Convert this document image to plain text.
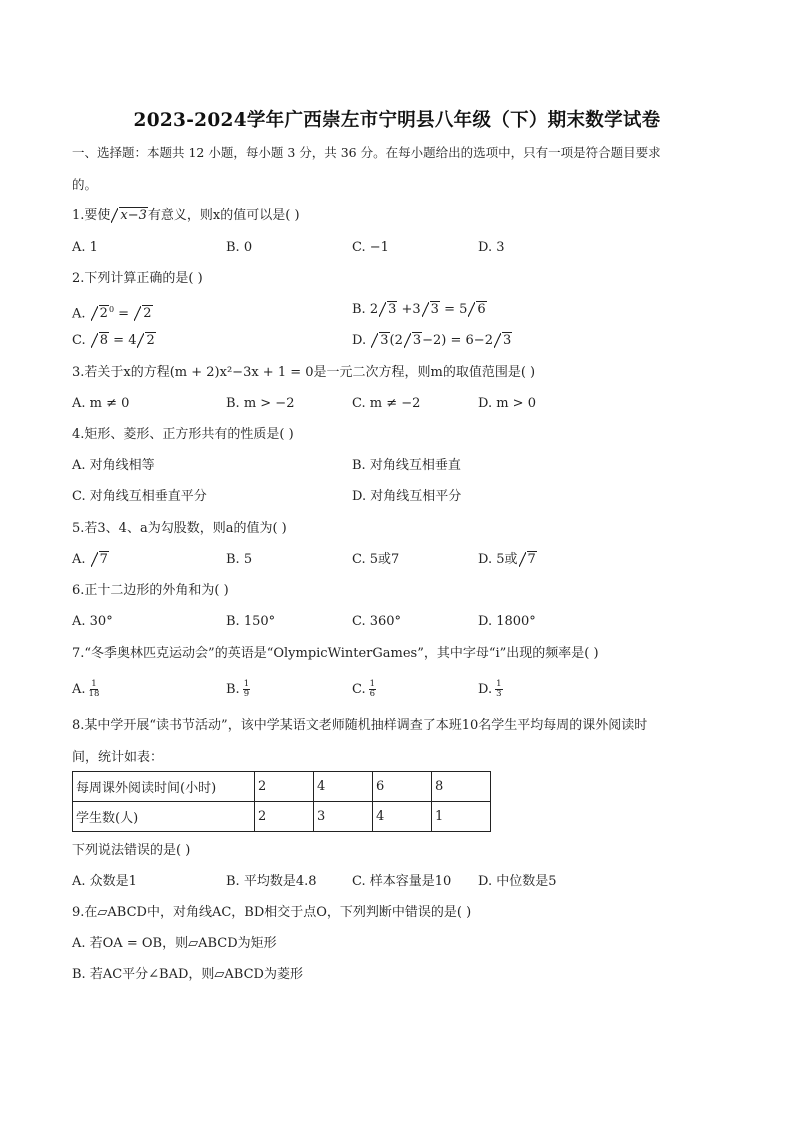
2023-2024学年广西崇左市宁明县八年级（下）期末数学试卷
一、选择题：本题共 12 小题，每小题 3 分，共 36 分。在每小题给出的选项中，只有一项是符合题目要求
的。
1.要使 x−3有意义，则x的值可以是( )
A. 1	B. 0	C. −1	D. 3
2.下列计算正确的是( )
A. $2^0 = 2$	B. 2 3 +3 3 = 5 6
C. 8 = 4 2	D. 3(2 3−2) = 6−2 3
3.若关于x的方程(m + 2)x²−3x + 1 = 0是一元二次方程，则m的取值范围是( )
A. m ≠ 0	B. m > −2	C. m ≠ −2	D. m > 0
4.矩形、菱形、正方形共有的性质是( )
A. 对角线相等	B. 对角线互相垂直
C. 对角线互相垂直平分	D. 对角线互相平分
5.若3、4、a为勾股数，则a的值为( )
A. 7	B. 5	C. 5或7	D. 5或 7
6.正十二边形的外角和为( )
A. 30°	B. 150°	C. 360°	D. 1800°
7.“冬季奥林匹克运动会”的英语是“OlympicWinterGames”，其中字母“i”出现的频率是( )
A. $\frac{1}{18}$	B. $\frac{1}{9}$	C. $\frac{1}{6}$	D. $\frac{1}{3}$
8.某中学开展“读书节活动”，该中学某语文老师随机抽样调查了本班10名学生平均每周的课外阅读时
间，统计如表：
每周课外阅读时间(小时)	2	4	6	8
学生数(人)	2	3	4	1
下列说法错误的是( )
A. 众数是1	B. 平均数是4.8	C. 样本容量是10 D. 中位数是5
9.在▱ABCD中，对角线AC，BD相交于点O，下列判断中错误的是( )
A. 若OA = OB，则▱ABCD为矩形
B. 若AC平分∠BAD，则▱ABCD为菱形
